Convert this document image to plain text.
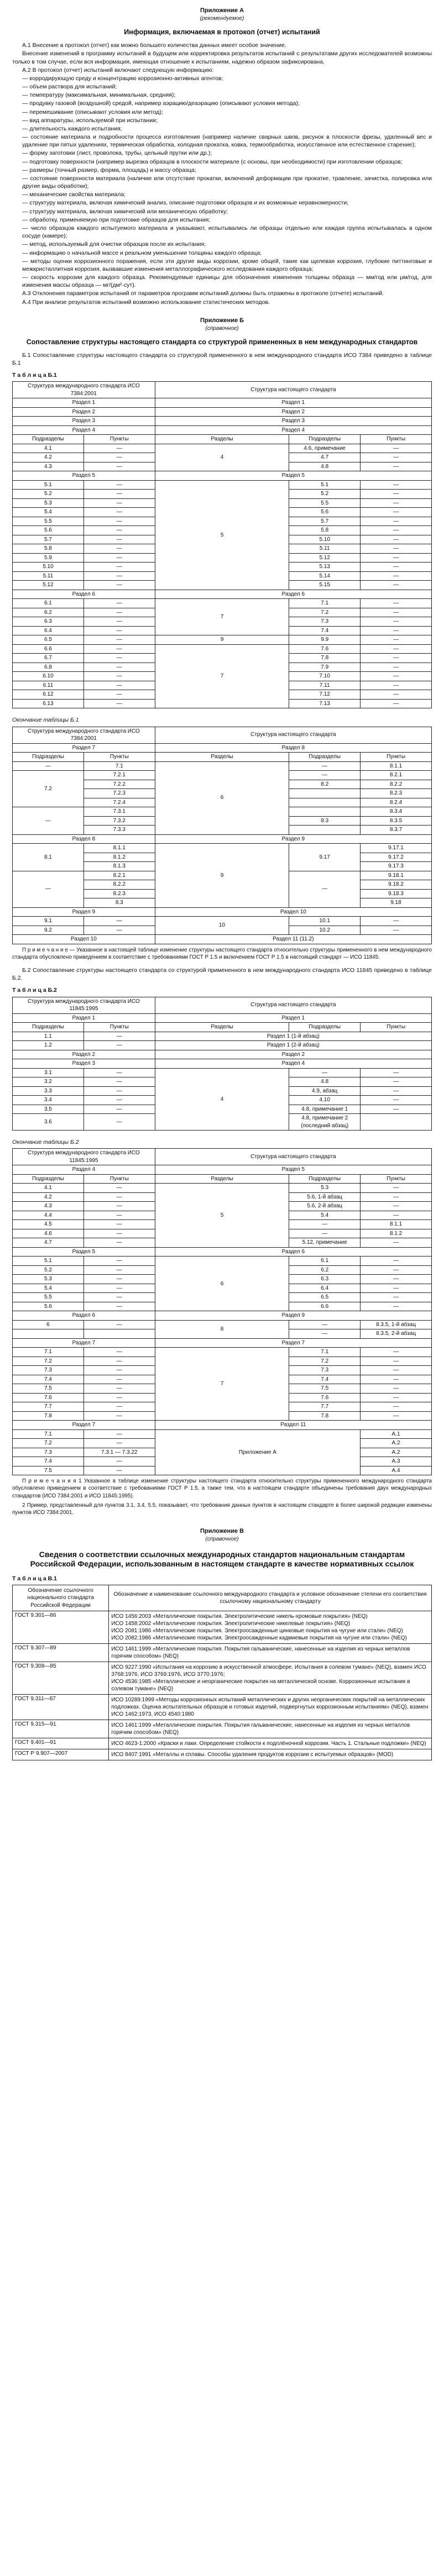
Приложение А
(рекомендуемое)
Информация, включаемая в протокол (отчет) испытаний

А.1 Внесение в протокол (отчет) как можно большего количества данных имеет особое значение.

Внесение изменений в программу испытаний в будущем или корректировка результатов испытаний с результатами других исследователей возможны только в том случае, если вся информация, имеющая отношение к испытаниям, надежно образом зафиксирована.

А.2 В протокол (отчет) испытаний включают следующую информацию:

— корродирующую среду и концентрацию коррозионно-активных агентов;
— объем раствора для испытаний;
— температуру (максимальная, минимальная, средняя);
— продувку газовой (воздушной) средой, например аэрацию/деаэрацию (описывают условия метода);
— перемешивание (описывают условия или метод);
— вид аппаратуры, используемой при испытании;
— длительность каждого испытания;
— состояние материала и подробности процесса изготовления (например наличие сварных швов, рисунок в плоскости фрезы, удаленный вес и удаление при пятых удалениях, термическая обработка, холодная прокатка, ковка, термообработка, искусственное или естественное старение);
— форму заготовки (лист, проволока, трубы, цельный прутки или др.);
— подготовку поверхности (например вырезка образцов в плоскости материале (с основы, при необходимости) при изготовлении образцов;
— размеры (точный размер, форма, площадь) и массу образца;
— состояние поверхности материала (наличие или отсутствие прокатки, включений деформации при прокатке, травление, зачистка, полировка или другие виды обработки);
— механические свойства материала;
— структуру материала, включая химический анализ, описание подготовки образцов и их возможные неравномерности;
— структуру материала, включая химический или механическую обработку;
— обработку, применяемую при подготовке образцов для испытания;
— число образцов каждого испытуемого материала и указывают, испытывались ли образцы отдельно или каждая группа испытывалась в одном сосуде (камере);
— метод, используемый для очистки образцов после их испытания;
— информацию о начальной массе и реальном уменьшении толщины каждого образца;
— методы оценки коррозионного поражения, если эти другие виды коррозии, кроме общей, такие как щелевая коррозия, глубокие питтинговые и межкристаллитная коррозия, вызвавшие изменения металлографического исследования каждого образца;
— скорость коррозии для каждого образца. Рекомендуемые единицы для обозначения изменения толщины образца — мм/год или µм/год, для изменения массы образца — мг/(дм²·сут).

А.3 Отклонения параметров испытаний от параметров программ испытаний должны быть отражены в протоколе (отчете) испытаний.

А.4 При анализе результатов испытаний возможно использование статистических методов.

Приложение Б
(справочное)
Сопоставление структуры настоящего стандарта со структурой примененных в нем международных стандартов

Б.1 Сопоставление структуры настоящего стандарта со структурой примененного в нем международного стандарта ИСО 7384 приведено в таблице Б.1

Т а б л и ц а Б.1
Структура международного стандарта ИСО 7384:2001		Структура настоящего стандарта		
Раздел 1		Раздел 1		
Раздел 2		Раздел 2		
Раздел 3		Раздел 3		
Раздел 4		Раздел 4		
Подразделы	Пункты	Разделы	Подразделы	Пункты
4.1	—	4	4.6, примечание	—
4.2	—		4.7	—
4.3	—		4.8	—
Раздел 5		Раздел 5		
5.1	—	5	5.1	—
5.2	—		5.2	—
5.3	—		5.5	—
5.4	—		5.6	—
5.5	—		5.7	—
5.6	—		5.8	—
5.7	—		5.10	—
5.8	—		5.11	—
5.9	—		5.12	—
5.10	—		5.13	—
5.11	—		5.14	—
5.12	—		5.15	—
Раздел 6		Раздел 6		
6.1	—	7	7.1	—
6.2	—		7.2	—
6.3	—		7.3	—
6.4	—		7.4	—
6.5	—	9	9.9	—
6.6	—	7	7.6	—
6.7	—		7.8	—
6.8	—		7.9	—
6.10	—		7.10	—
6.11	—		7.11	—
6.12	—		7.12	—
6.13	—		7.13	—
Окончание таблицы Б.1
Структура международного стандарта ИСО 7384:2001		Структура настоящего стандарта		
Раздел 7		Раздел 8		
Подразделы	Пункты	Разделы	Подразделы	Пункты
—	7.1	6	—	8.1.1
7.2	7.2.1		—	8.2.1
	7.2.2		8.2	8.2.2
	7.2.3			8.2.3
	7.2.4			8.2.4
—	7.3.1			8.3.4
	7.3.2		8.3	8.3.5
	7.3.3			8.3.7
Раздел 8		Раздел 9		
8.1	8.1.1	9	9.17	9.17.1
	8.1.2			9.17.2
	8.1.3			9.17.3
—	8.2.1		—	9.18.1
	8.2.2			9.18.2
	8.2.3			9.18.3
	8.3			9.18
Раздел 9		Раздел 10		
9.1	—	10	10.1	—
9.2	—		10.2	—
Раздел 10		Раздел 11 (11.2)		
П р и м е ч а н и е — Указанное в настоящей таблице изменение структуры настоящего стандарта относительно структуры примененного в нем международного стандарта обусловлено приведением в соответствие с требованиями ГОСТ Р 1.5 и включением ГОСТ Р 1.5 в настоящий стандарт — ИСО 11845.

Б.2 Сопоставление структуры настоящего стандарта со структурой примененного в нем международного стандарта ИСО 11845 приведено в таблице Б.2.

Т а б л и ц а Б.2
Структура международного стандарта ИСО 11845:1995		Структура настоящего стандарта		
Раздел 1		Раздел 1		
Подразделы	Пункты	Разделы	Подразделы	Пункты
1.1	—	Раздел 1 (1-й абзац)		
1.2	—	Раздел 1 (2-й абзац)		
Раздел 2		Раздел 2		
Раздел 3		Раздел 4		
3.1	—	4	—	—
3.2	—		4.8	—
3.3	—		4.9, абзац	—
3.4	—		4.10	—
3.5	—		4.8, примечание 1	—
3.6	—		4.8, примечание 2 (последний абзац)	
Окончание таблицы Б.2
Структура международного стандарта ИСО 11845:1995		Структура настоящего стандарта		
Раздел 4		Раздел 5		
Подразделы	Пункты	Разделы	Подразделы	Пункты
4.1	—	5	5.3	—
4.2	—		5.6, 1-й абзац	—
4.3	—		5.6, 2-й абзац	—
4.4	—		5.4	—
4.5	—		—	8.1.1
4.6	—		—	8.1.2
4.7	—		5.12, примечание	—
Раздел 5		Раздел 6		
5.1	—	6	6.1	—
5.2	—		6.2	—
5.3	—		6.3	—
5.4	—		6.4	—
5.5	—		6.5	—
5.6	—		6.6	—
Раздел 6		Раздел 9		
6	—	8	—	8.3.5, 1-й абзац
			—	8.3.5, 2-й абзац
Раздел 7		Раздел 7		
7.1	—	7	7.1	—
7.2	—		7.2	—
7.3	—		7.3	—
7.4	—		7.4	—
7.5	—		7.5	—
7.6	—		7.6	—
7.7	—		7.7	—
7.8	—		7.8	—
Раздел 7		Раздел 11		
7.1	—	Приложение А		А.1
7.2	—			А.2
7.3	7.3.1 — 7.3.22			А.2
7.4	—			А.3
7.5	—			А.4
П р и м е ч а н и я 1 Указанное в таблице изменение структуры настоящего стандарта относительно структуры примененного международного стандарта обусловлено приведением в соответствие с требованиями ГОСТ Р 1.5, а также тем, что в настоящем стандарте объединены требования двух международных стандартов (ИСО 7384:2001 и ИСО 11845:1995).
2 Пример, представленный для пунктов 3.1, 3.4, 5.5, показывает, что требования данных пунктов в настоящем стандарте в более широкой редакции изменены пунктов ИСО 7384:2001.
Приложение В
(справочное)
Сведения о соответствии ссылочных международных стандартов национальным стандартам Российской Федерации, использованным в настоящем стандарте в качестве нормативных ссылок
Т а б л и ц а В.1
Обозначение ссылочного национального стандарта Российской Федерации	Обозначение и наименование ссылочного международного стандарта и условное обозначение степени его соответствия ссылочному национальному стандарту
ГОСТ 9.301—86	ИСО 1456:2003 «Металлические покрытия. Электролитические никель-хромовые покрытия» (NEQ)
ИСО 1458:2002 «Металлические покрытия. Электролитические никелевые покрытия» (NEQ)
ИСО 2081:1986 «Металлические покрытия. Электроосажденные цинковые покрытия на чугуне или стали» (NEQ)
ИСО 2082:1986 «Металлические покрытия. Электроосажденные кадмиевые покрытия на чугуне или стали» (NEQ)
ГОСТ 9.307—89	ИСО 1461:1999 «Металлические покрытия. Покрытия гальванические, нанесенные на изделия из черных металлов горячим способом» (NEQ)
ГОСТ 9.308—85	ИСО 9227:1990 «Испытания на коррозию в искусственной атмосфере. Испытания в солевом тумане» (NEQ), взамен ИСО 3768:1976, ИСО 3769:1976, ИСО 3770:1976;
ИСО 4536:1985 «Металлические и неорганические покрытия на металлической основе. Коррозионные испытания в солевом тумане» (NEQ)
ГОСТ 9.311—87	ИСО 10289:1999 «Методы коррозионных испытаний металлических и других неорганических покрытий на металлических подложках. Оценка испытательных образцов и готовых изделий, подвергнутых коррозионным испытаниям» (NEQ), взамен ИСО 1462:1973, ИСО 4540:1980
ГОСТ 9.315—91	ИСО 1461:1999 «Металлические покрытия. Покрытия гальванические, нанесенные на изделия из черных металлов горячим способом» (NEQ)
ГОСТ 9.401—91	ИСО 4623-1:2000 «Краски и лаки. Определение стойкости к подплёночной коррозии. Часть 1. Стальные подложки» (NEQ)
ГОСТ Р 9.907—2007	ИСО 8407:1991 «Металлы и сплавы. Способы удаления продуктов коррозии с испытуемых образцов» (MOD)
